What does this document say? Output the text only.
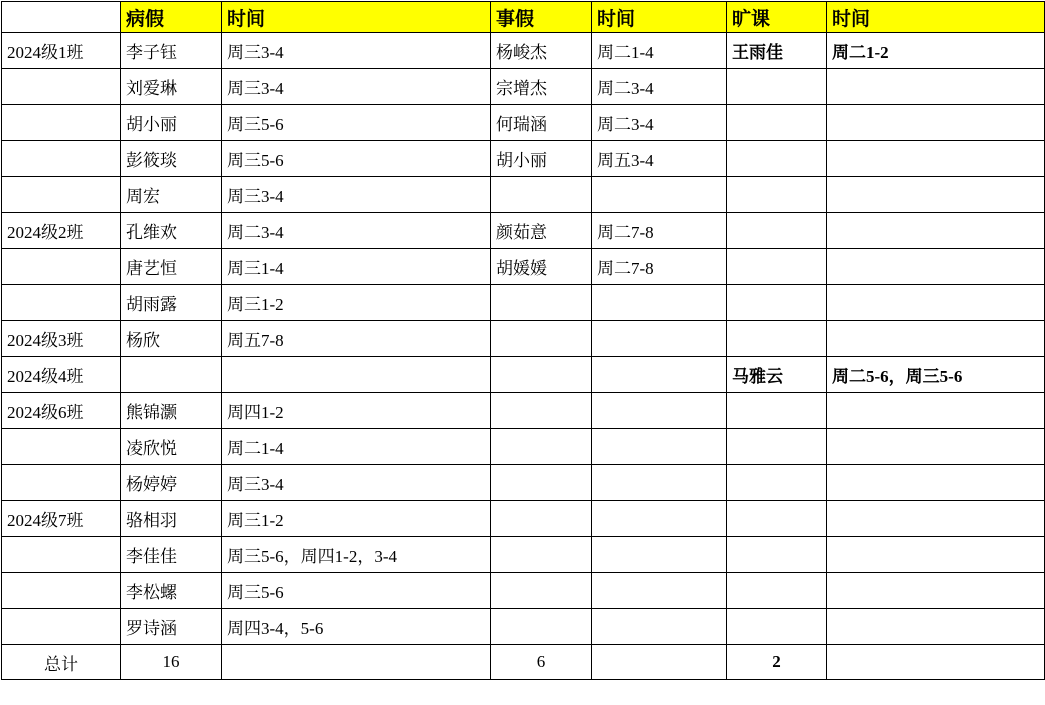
	病假	时间	事假	时间	旷课	时间
2024级1班	李子钰	周三3-4	杨峻杰	周二1-4	王雨佳	周二1-2
	刘爱琳	周三3-4	宗增杰	周二3-4		
	胡小丽	周三5-6	何瑞涵	周二3-4		
	彭筱琰	周三5-6	胡小丽	周五3-4		
	周宏	周三3-4				
2024级2班	孔维欢	周二3-4	颜茹意	周二7-8		
	唐艺恒	周三1-4	胡媛媛	周二7-8		
	胡雨露	周三1-2				
2024级3班	杨欣	周五7-8				
2024级4班					马雅云	周二5-6，周三5-6
2024级6班	熊锦灏	周四1-2				
	凌欣悦	周二1-4				
	杨婷婷	周三3-4				
2024级7班	骆相羽	周三1-2				
	李佳佳	周三5-6，周四1-2，3-4				
	李松螺	周三5-6				
	罗诗涵	周四3-4，5-6				
总计	16		6		2	
